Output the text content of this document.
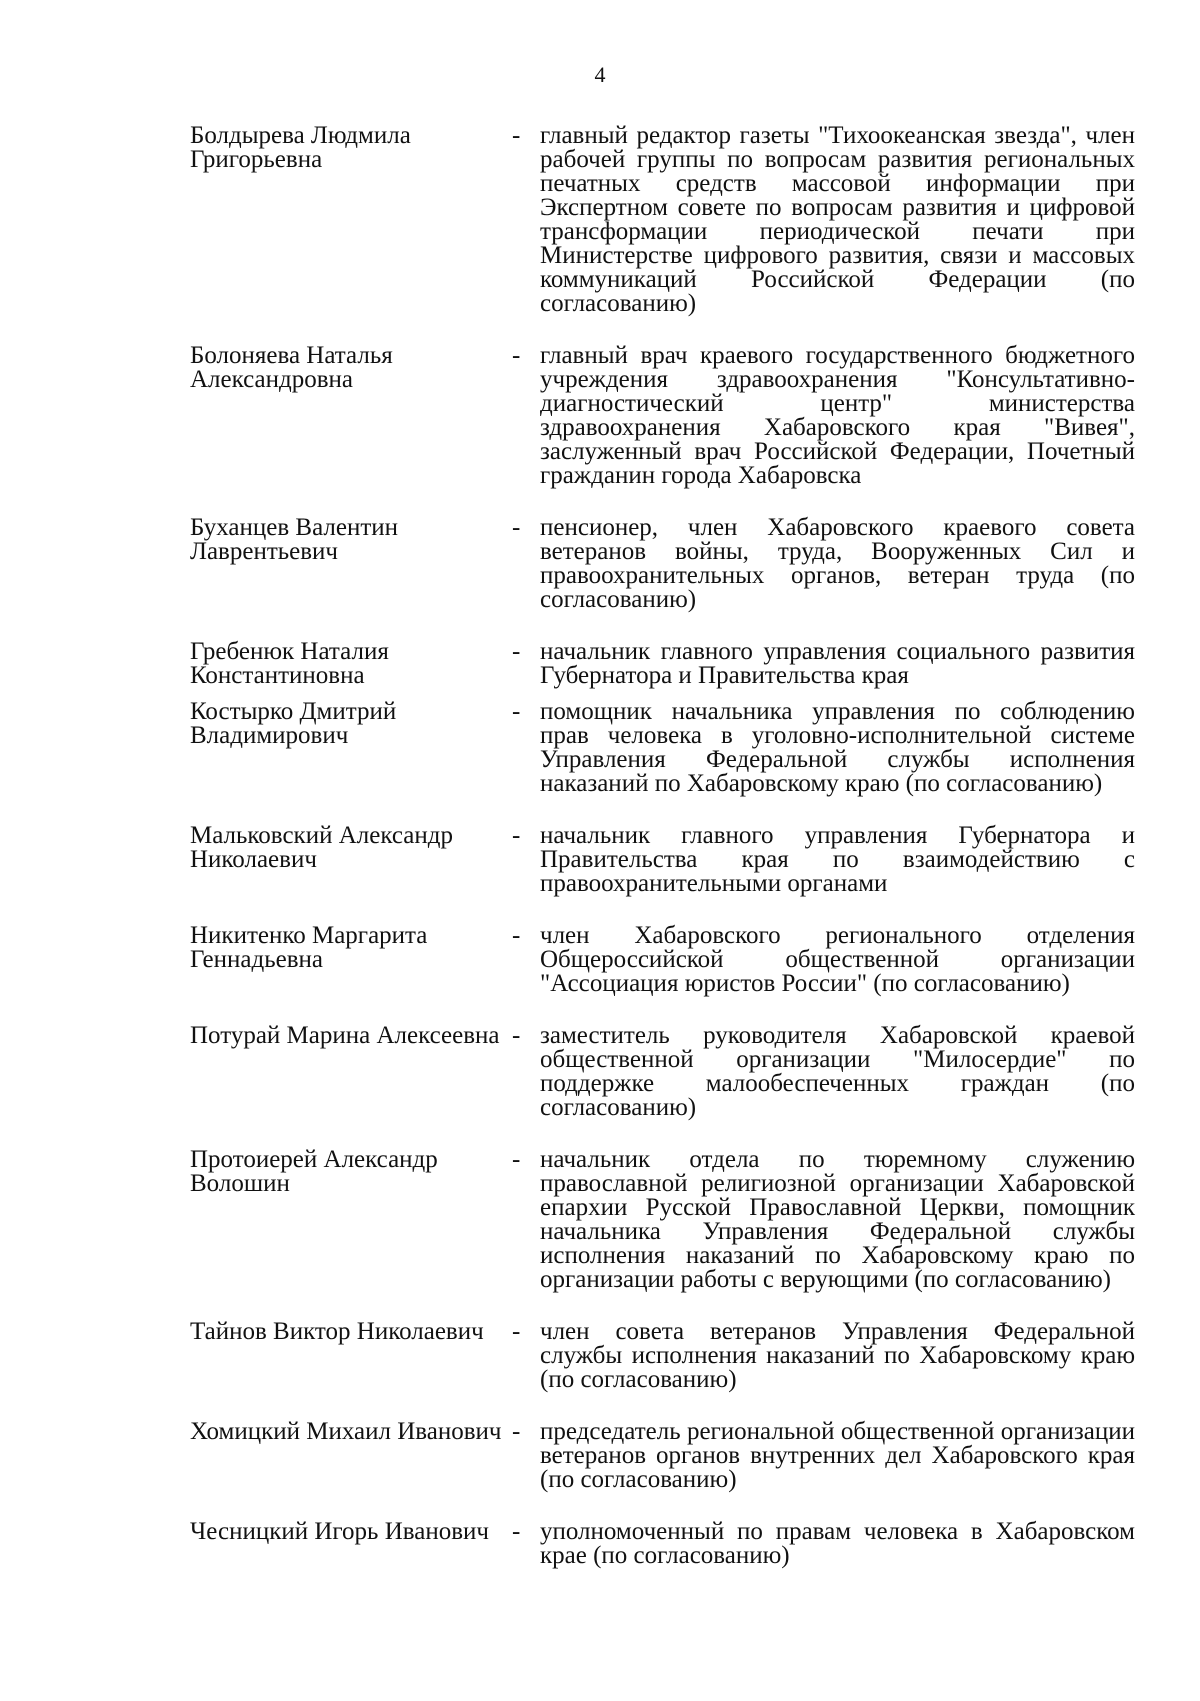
4
Болдырева Людмила Григорьевна
- главный редактор газеты "Тихоокеанская звезда", член рабочей группы по вопросам развития региональных печатных средств массовой информации при Экспертном совете по вопросам развития и цифровой трансформации периодической печати при Министерстве цифрового развития, связи и массовых коммуникаций Российской Федерации (по согласованию)
Болоняева Наталья Александровна
- главный врач краевого государственного бюджетного учреждения здравоохранения "Консультативно-диагностический центр" министерства здравоохранения Хабаровского края "Вивея", заслуженный врач Российской Федерации, Почетный гражданин города Хабаровска
Буханцев Валентин Лаврентьевич
- пенсионер, член Хабаровского краевого совета ветеранов войны, труда, Вооруженных Сил и правоохранительных органов, ветеран труда (по согласованию)
Гребенюк Наталия Константиновна
- начальник главного управления социального развития Губернатора и Правительства края
Костырко Дмитрий Владимирович
- помощник начальника управления по соблюдению прав человека в уголовно-исполнительной системе Управления Федеральной службы исполнения наказаний по Хабаровскому краю (по согласованию)
Мальковский Александр Николаевич
- начальник главного управления Губернатора и Правительства края по взаимодействию с правоохранительными органами
Никитенко Маргарита Геннадьевна
- член Хабаровского регионального отделения Общероссийской общественной организации "Ассоциация юристов России" (по согласованию)
Потурай Марина Алексеевна - заместитель руководителя Хабаровской краевой общественной организации "Милосердие" по поддержке малообеспеченных граждан (по согласованию)
Протоиерей Александр Волошин
- начальник отдела по тюремному служению православной религиозной организации Хабаровской епархии Русской Православной Церкви, помощник начальника Управления Федеральной службы исполнения наказаний по Хабаровскому краю по организации работы с верующими (по согласованию)
Тайнов Виктор Николаевич	- член совета ветеранов Управления Федеральной службы исполнения наказаний по Хабаровскому краю (по согласованию)
Хомицкий Михаил Иванович - председатель региональной общественной организации ветеранов органов внутренних дел Хабаровского края (по согласованию)
Чесницкий Игорь Иванович - уполномоченный по правам человека в Хабаровском крае (по согласованию)
